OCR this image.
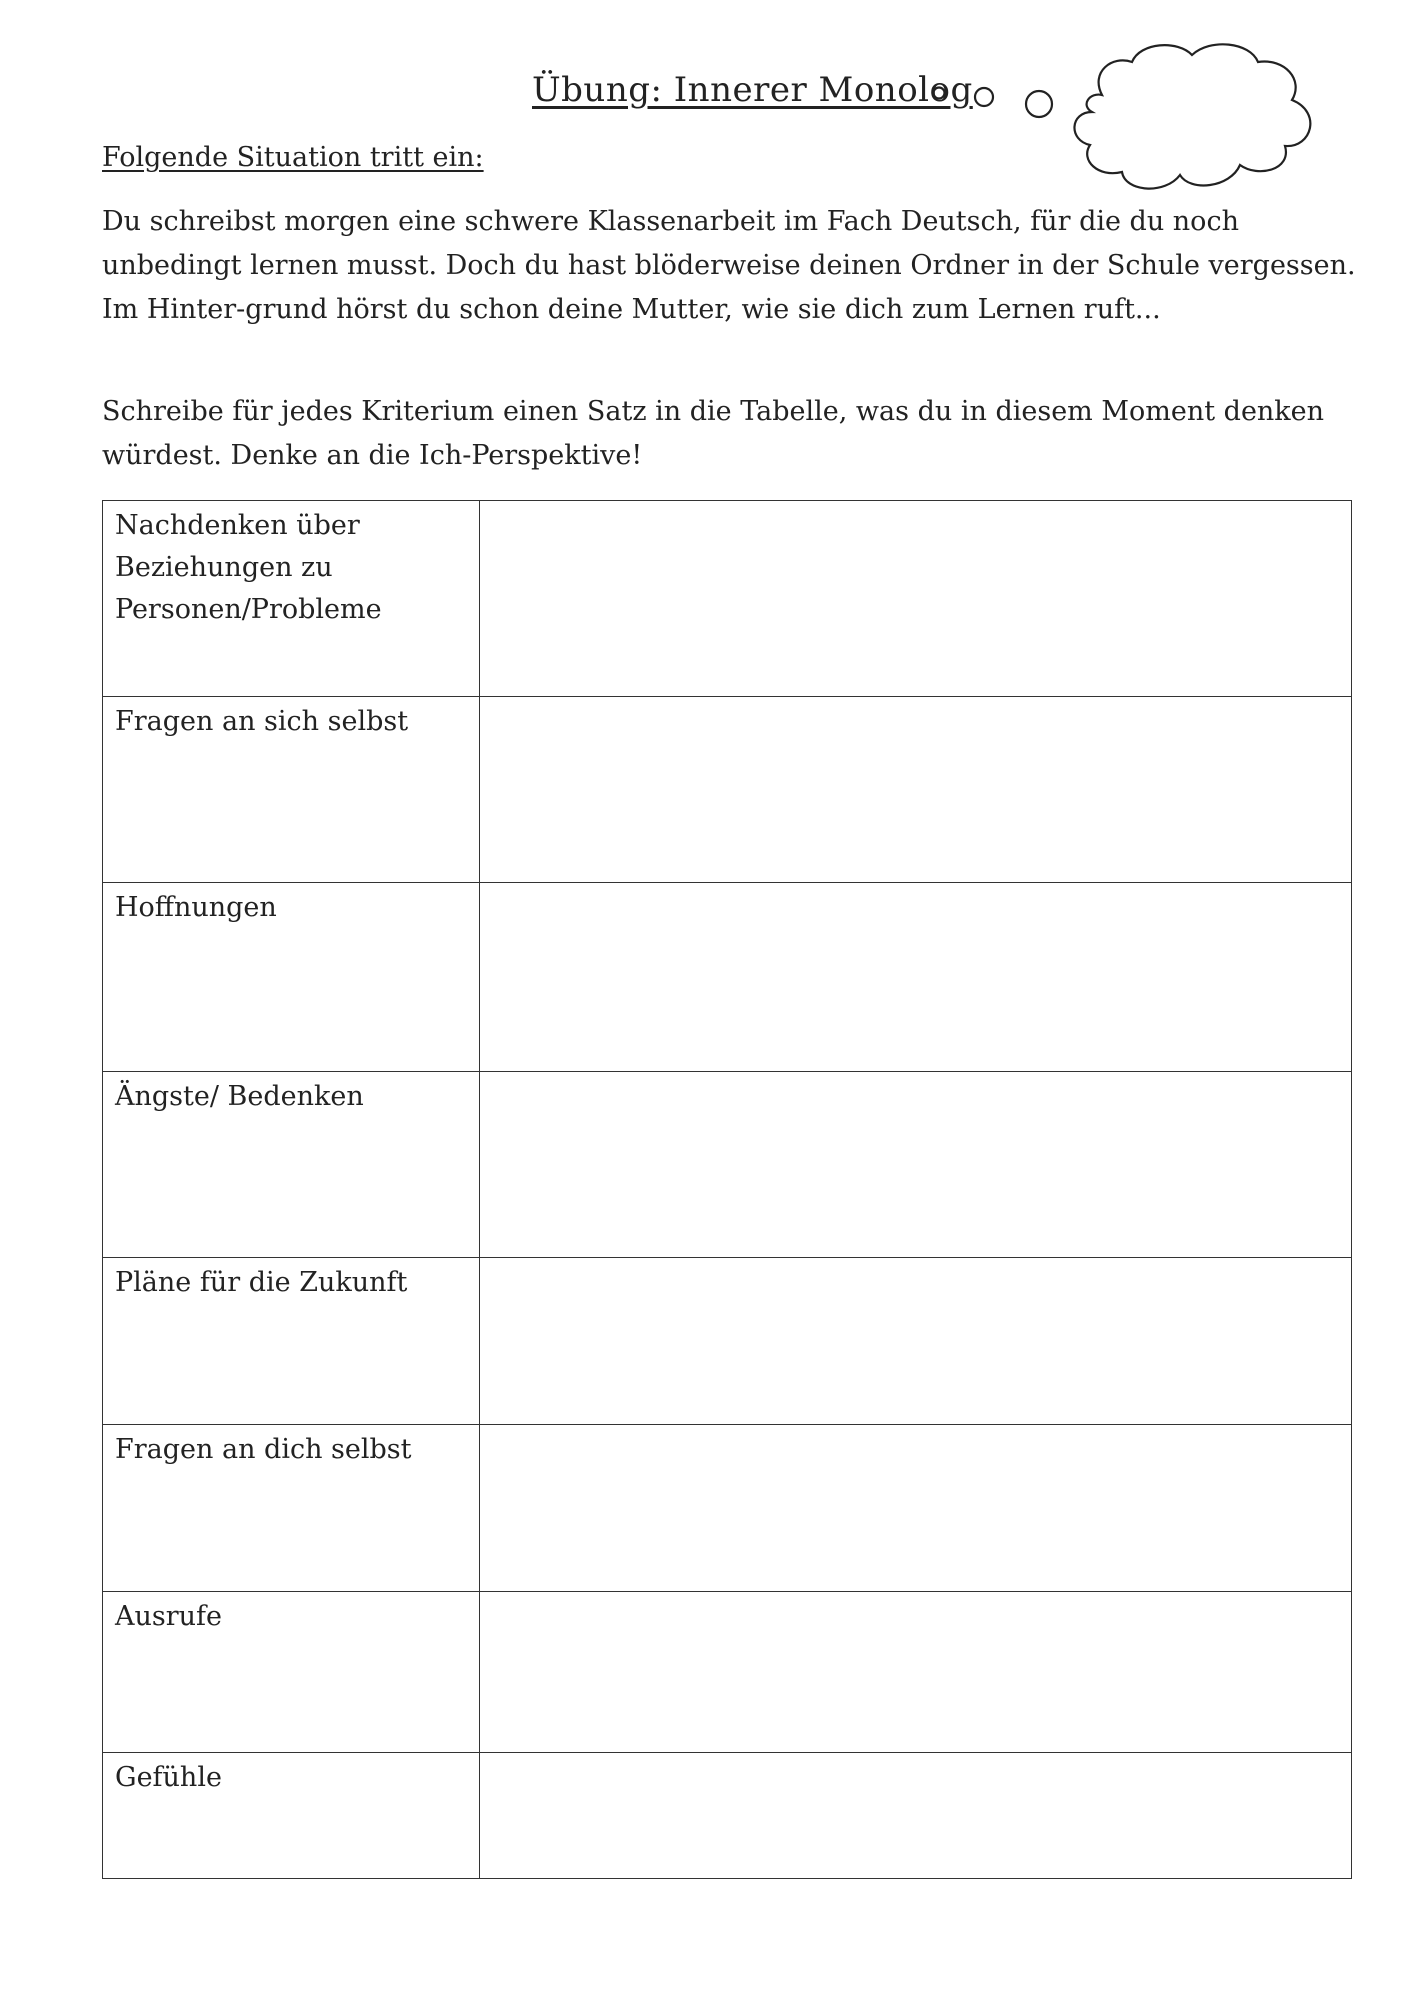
Übung: Innerer Monolog
Folgende Situation tritt ein:

Du schreibst morgen eine schwere Klassenarbeit im Fach Deutsch, für die du noch

unbedingt lernen musst. Doch du hast blöderweise deinen Ordner in der Schule vergessen.

Im Hinter-grund hörst du schon deine Mutter, wie sie dich zum Lernen ruft...

Schreibe für jedes Kriterium einen Satz in die Tabelle, was du in diesem Moment denken

würdest. Denke an die Ich-Perspektive!

Nachdenken über
Beziehungen zu
Personen/Probleme	

Fragen an sich selbst	

Hoffnungen	

Ängste/ Bedenken	

Pläne für die Zukunft	

Fragen an dich selbst	

Ausrufe	

Gefühle	
